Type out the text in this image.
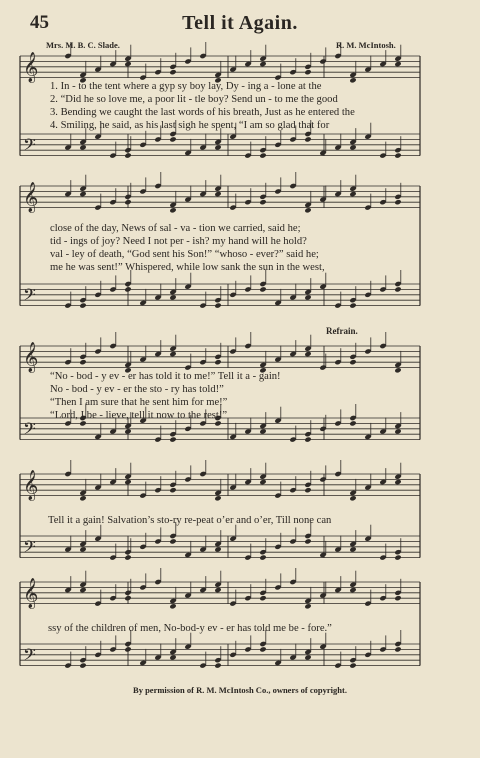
𝄞
𝄢
𝄞
𝄢
𝄞
𝄢
𝄞
𝄢
𝄞
𝄢
45	Tell it Again.
Mrs. M. B. C. Slade.	R. M. McIntosh.
1. In - to the tent where a gyp sy boy lay, Dy - ing a - lone at the
2. “Did he so love me, a poor lit - tle boy? Send un - to me the good
3. Bending we caught the last words of his breath, Just as he entered the
4. Smiling, he said, as his last sigh he spent, “I am so glad that for
close of the day, News of sal - va - tion we carried, said he;
tid - ings of joy? Need I not per - ish? my hand will he hold?
val - ley of death, “God sent his Son!” “whoso - ever?” said he;
me he was sent!” Whispered, while low sank the sun in the west,
Refrain.
“No - bod - y ev - er has told it to me!” Tell it a - gain!
No - bod - y ev - er the sto - ry has told!”
“Then I am sure that he sent him for me!”
“Lord, I be - lieve, tell it now to the rest!”
Tell it a gain! Salvation’s sto-ry re-peat o’er and o’er, Till none can
ssy of the children of men, No-bod-y ev - er has told me be - fore.”
By permission of R. M. McIntosh Co., owners of copyright.
